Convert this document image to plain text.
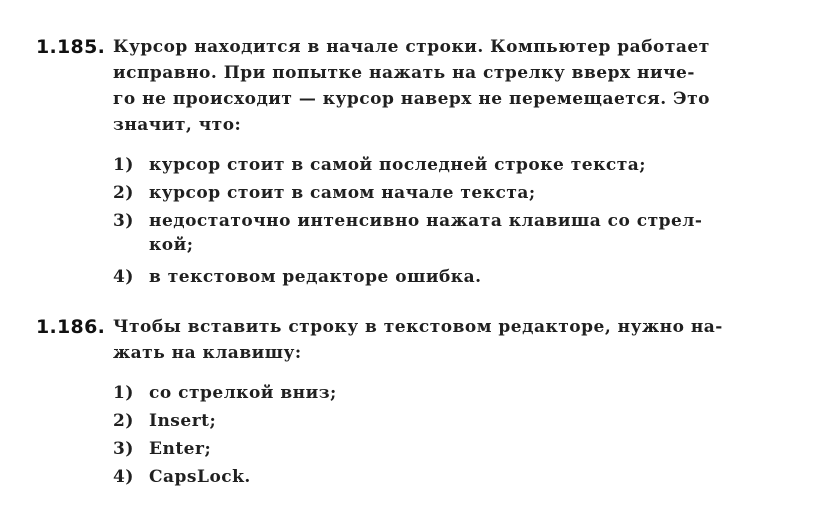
1.185. Курсор находится в начале строки. Компьютер работает
исправно. При попытке нажать на стрелку вверх ниче-
го не происходит — курсор наверх не перемещается. Это
значит, что:
1) курсор стоит в самой последней строке текста;
2) курсор стоит в самом начале текста;
3) недостаточно интенсивно нажата клавиша со стрел-
кой;
4) в текстовом редакторе ошибка.
1.186. Чтобы вставить строку в текстовом редакторе, нужно на-
жать на клавишу:
1) со стрелкой вниз;
2) Insert;
3) Enter;
4) CapsLock.
